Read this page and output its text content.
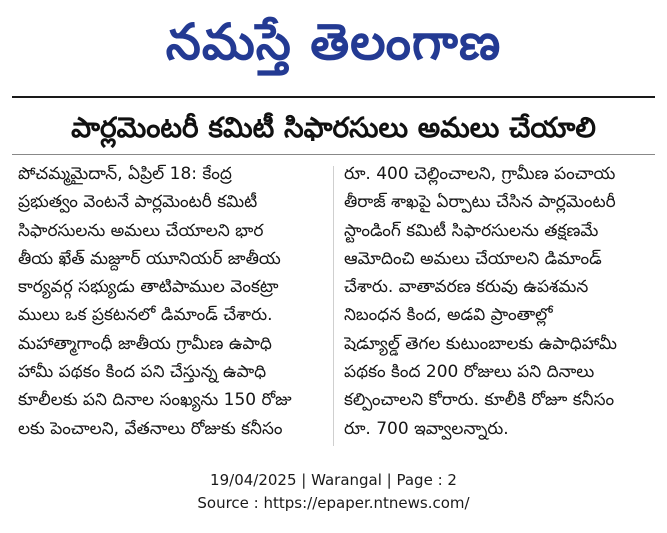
నమస్తే తెలంగాణ
పార్లమెంటరీ కమిటీ సిఫారసులు అమలు చేయాలి
పోచమ్మమైదాన్, ఏప్రిల్ 18: కేంద్ర
ప్రభుత్వం వెంటనే పార్లమెంటరీ కమిటీ
సిఫారసులను అమలు చేయాలని భార
తీయ ఖేత్ మజ్దూర్ యూనియర్ జాతీయ
కార్యవర్గ సభ్యుడు తాటిపాముల వెంకట్రా
ములు ఒక ప్రకటనలో డిమాండ్ చేశారు.
మహాత్మాగాంధీ జాతీయ గ్రామీణ ఉపాధి
హామీ పథకం కింద పని చేస్తున్న ఉపాధి
కూలీలకు పని దినాల సంఖ్యను 150 రోజు
లకు పెంచాలని, వేతనాలు రోజుకు కనీసం
రూ. 400 చెల్లించాలని, గ్రామీణ పంచాయ
తీరాజ్ శాఖపై ఏర్పాటు చేసిన పార్లమెంటరీ
స్టాండింగ్ కమిటీ సిఫారసులను తక్షణమే
ఆమోదించి అమలు చేయాలని డిమాండ్
చేశారు. వాతావరణ కరువు ఉపశమన
నిబంధన కింద, అడవి ప్రాంతాల్లో
షెడ్యూల్డ్ తెగల కుటుంబాలకు ఉపాధిహామీ
పథకం కింద 200 రోజులు పని దినాలు
కల్పించాలని కోరారు. కూలీకి రోజూ కనీసం
రూ. 700 ఇవ్వాలన్నారు.
19/04/2025 | Warangal | Page : 2
Source : https://epaper.ntnews.com/
